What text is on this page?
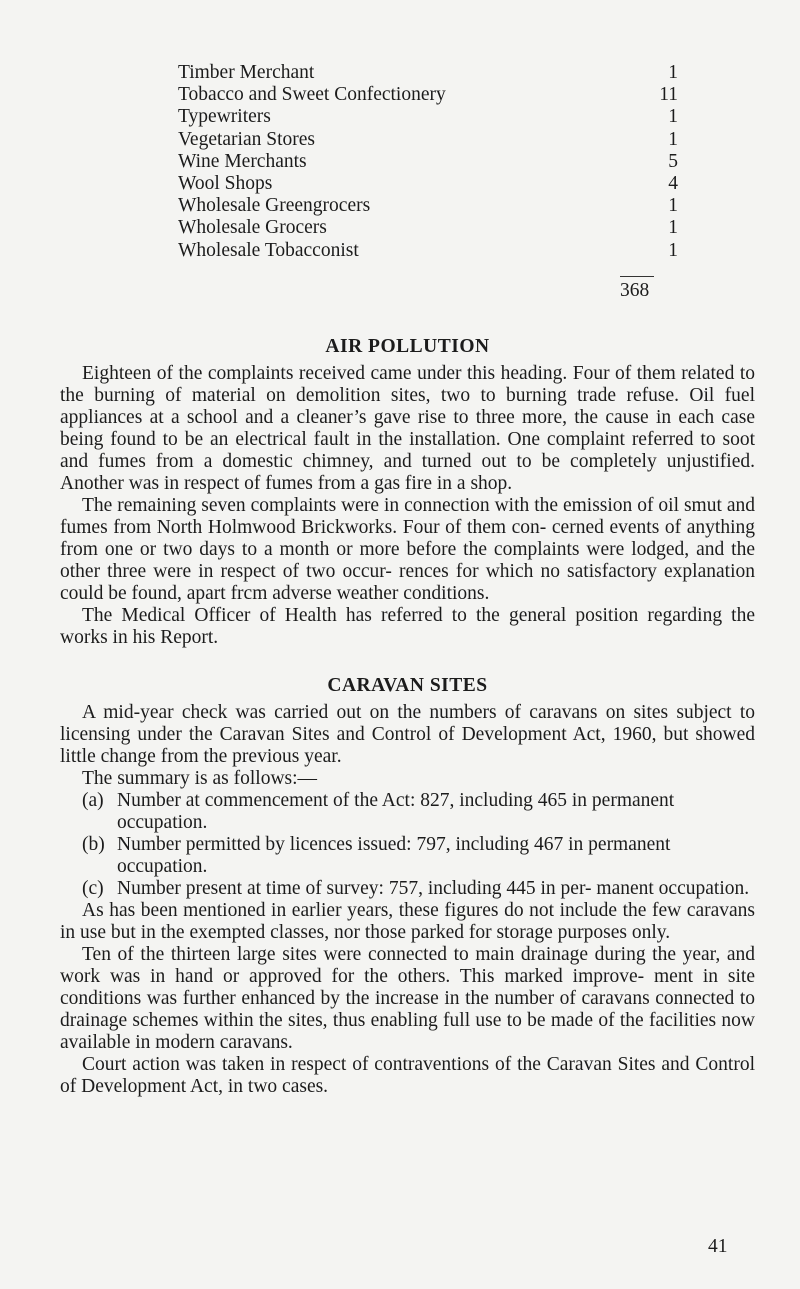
Timber Merchant	1
Tobacco and Sweet Confectionery	11
Typewriters	1
Vegetarian Stores	1
Wine Merchants	5
Wool Shops	4
Wholesale Greengrocers	1
Wholesale Grocers	1
Wholesale Tobacconist	1
368
AIR POLLUTION

Eighteen of the complaints received came under this heading. Four of them related to the burning of material on demolition sites, two to burning trade refuse. Oil fuel appliances at a school and a cleaner’s gave rise to three more, the cause in each case being found to be an electrical fault in the installation. One complaint referred to soot and fumes from a domestic chimney, and turned out to be completely unjustified. Another was in respect of fumes from a gas fire in a shop.

The remaining seven complaints were in connection with the emission of oil smut and fumes from North Holmwood Brickworks. Four of them con- cerned events of anything from one or two days to a month or more before the complaints were lodged, and the other three were in respect of two occur- rences for which no satisfactory explanation could be found, apart frcm adverse weather conditions.

The Medical Officer of Health has referred to the general position regarding the works in his Report.

CARAVAN SITES

A mid-year check was carried out on the numbers of caravans on sites subject to licensing under the Caravan Sites and Control of Development Act, 1960, but showed little change from the previous year.

The summary is as follows:—

(a) Number at commencement of the Act: 827, including 465 in permanent occupation.
(b) Number permitted by licences issued: 797, including 467 in permanent occupation.
(c) Number present at time of survey: 757, including 445 in per- manent occupation.

As has been mentioned in earlier years, these figures do not include the few caravans in use but in the exempted classes, nor those parked for storage purposes only.

Ten of the thirteen large sites were connected to main drainage during the year, and work was in hand or approved for the others. This marked improve- ment in site conditions was further enhanced by the increase in the number of caravans connected to drainage schemes within the sites, thus enabling full use to be made of the facilities now available in modern caravans.

Court action was taken in respect of contraventions of the Caravan Sites and Control of Development Act, in two cases.

41
